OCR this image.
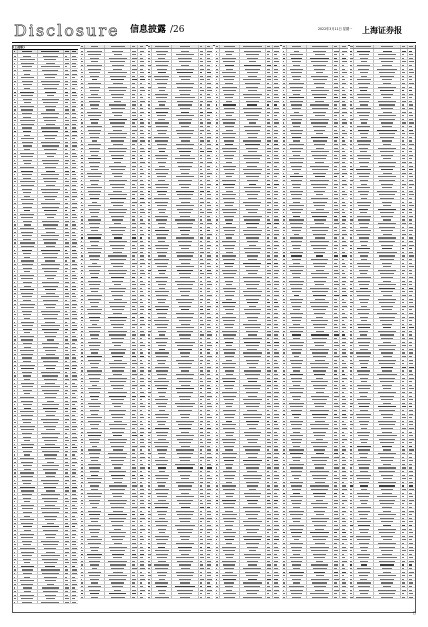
D i s c l o s u r e 信息披露 /26	2022年3月11日 星期一 上海证券报
(上接版)
▢
